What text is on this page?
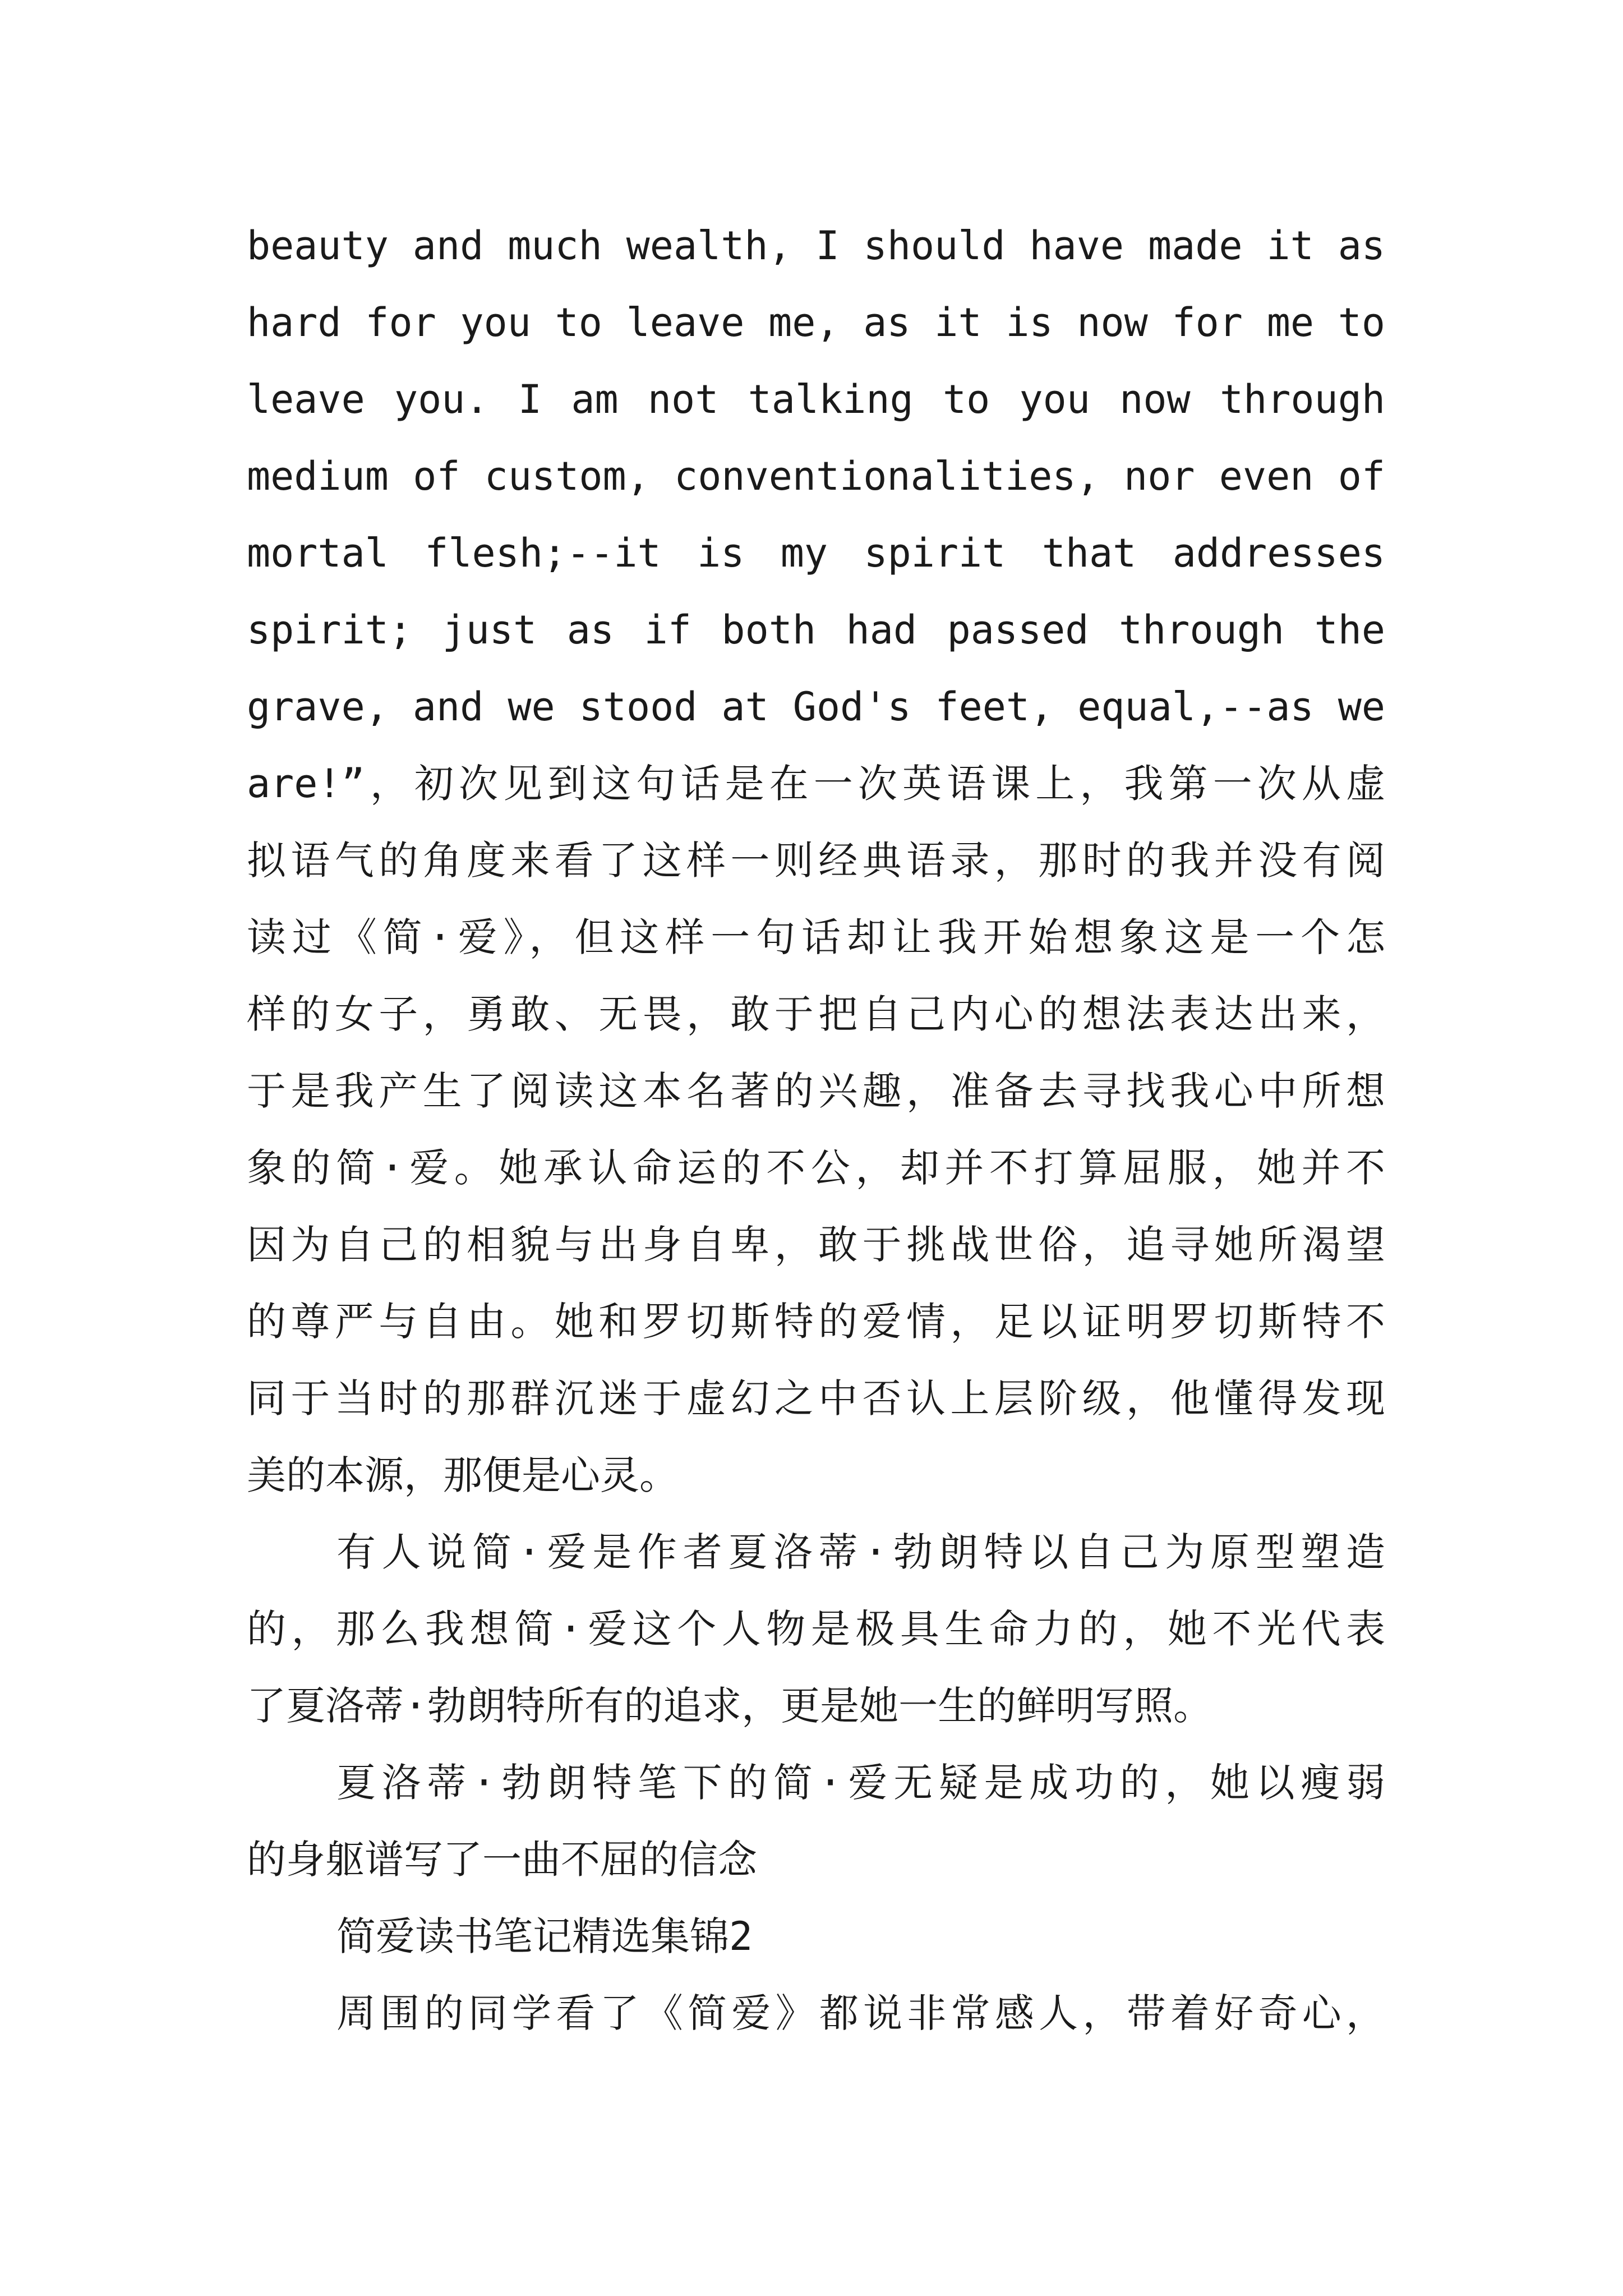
beauty and much wealth, I should have made it as
hard for you to leave me, as it is now for me to
leave you. I am not talking to you now through
medium of custom, conventionalities, nor even of
mortal flesh;--it is my spirit that addresses
spirit; just as if both had passed through the
grave, and we stood at God's feet, equal,--as we
are!”，初次见到这句话是在一次英语课上，我第一次从虚
拟语气的角度来看了这样一则经典语录，那时的我并没有阅
读过《简·爱》，但这样一句话却让我开始想象这是一个怎
样的女子，勇敢、无畏，敢于把自己内心的想法表达出来，
于是我产生了阅读这本名著的兴趣，准备去寻找我心中所想
象的简·爱。她承认命运的不公，却并不打算屈服，她并不
因为自己的相貌与出身自卑，敢于挑战世俗，追寻她所渴望
的尊严与自由。她和罗切斯特的爱情，足以证明罗切斯特不
同于当时的那群沉迷于虚幻之中否认上层阶级，他懂得发现
美的本源，那便是心灵。
有人说简·爱是作者夏洛蒂·勃朗特以自己为原型塑造
的，那么我想简·爱这个人物是极具生命力的，她不光代表
了夏洛蒂·勃朗特所有的追求，更是她一生的鲜明写照。
夏洛蒂·勃朗特笔下的简·爱无疑是成功的，她以瘦弱
的身躯谱写了一曲不屈的信念
简爱读书笔记精选集锦2
周围的同学看了《简爱》都说非常感人，带着好奇心，
